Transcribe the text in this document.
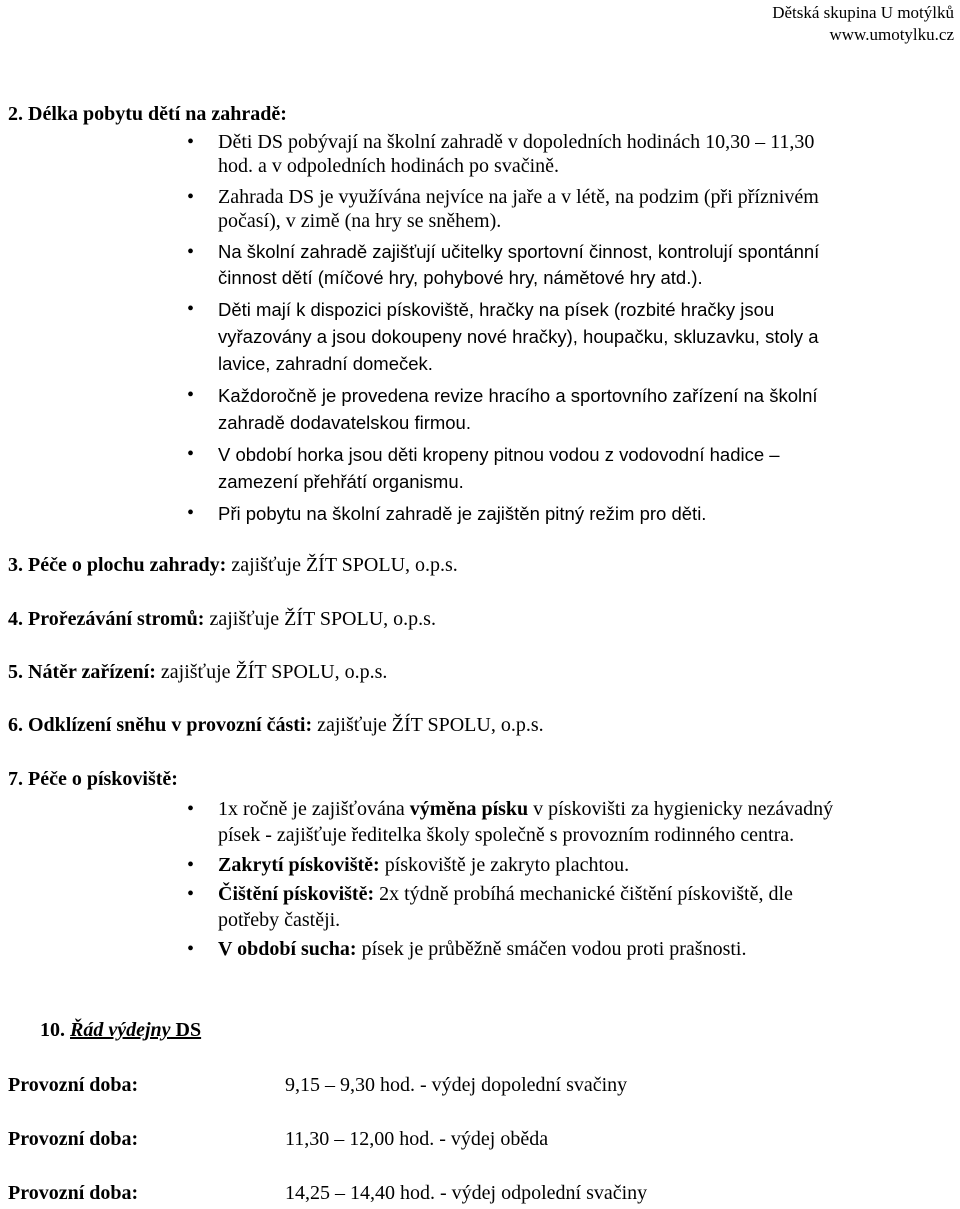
Dětská skupina U motýlků
www.umotylku.cz
2. Délka pobytu dětí na zahradě:
• Děti DS pobývají na školní zahradě v dopoledních hodinách 10,30 – 11,30
hod. a v odpoledních hodinách po svačině.
• Zahrada DS je využívána nejvíce na jaře a v létě, na podzim (při příznivém
počasí), v zimě (na hry se sněhem).
• Na školní zahradě zajišťují učitelky sportovní činnost, kontrolují spontánní
činnost dětí (míčové hry, pohybové hry, námětové hry atd.).
• Děti mají k dispozici pískoviště, hračky na písek (rozbité hračky jsou
vyřazovány a jsou dokoupeny nové hračky), houpačku, skluzavku, stoly a
lavice, zahradní domeček.
• Každoročně je provedena revize hracího a sportovního zařízení na školní
zahradě dodavatelskou firmou.
• V období horka jsou děti kropeny pitnou vodou z vodovodní hadice –
zamezení přehřátí organismu.
• Při pobytu na školní zahradě je zajištěn pitný režim pro děti.
3. Péče o plochu zahrady: zajišťuje ŽÍT SPOLU, o.p.s.
4. Prořezávání stromů: zajišťuje ŽÍT SPOLU, o.p.s.
5. Nátěr zařízení: zajišťuje ŽÍT SPOLU, o.p.s.
6. Odklízení sněhu v provozní části: zajišťuje ŽÍT SPOLU, o.p.s.
7. Péče o pískoviště:
• 1x ročně je zajišťována výměna písku v pískovišti za hygienicky nezávadný
písek - zajišťuje ředitelka školy společně s provozním rodinného centra.
• Zakrytí pískoviště: pískoviště je zakryto plachtou.
• Čištění pískoviště: 2x týdně probíhá mechanické čištění pískoviště, dle
potřeby častěji.
• V období sucha: písek je průběžně smáčen vodou proti prašnosti.
10. Řád výdejny DS
Provozní doba:	9,15 – 9,30 hod. - výdej dopolední svačiny
Provozní doba:	11,30 – 12,00 hod. - výdej oběda
Provozní doba:	14,25 – 14,40 hod. - výdej odpolední svačiny
